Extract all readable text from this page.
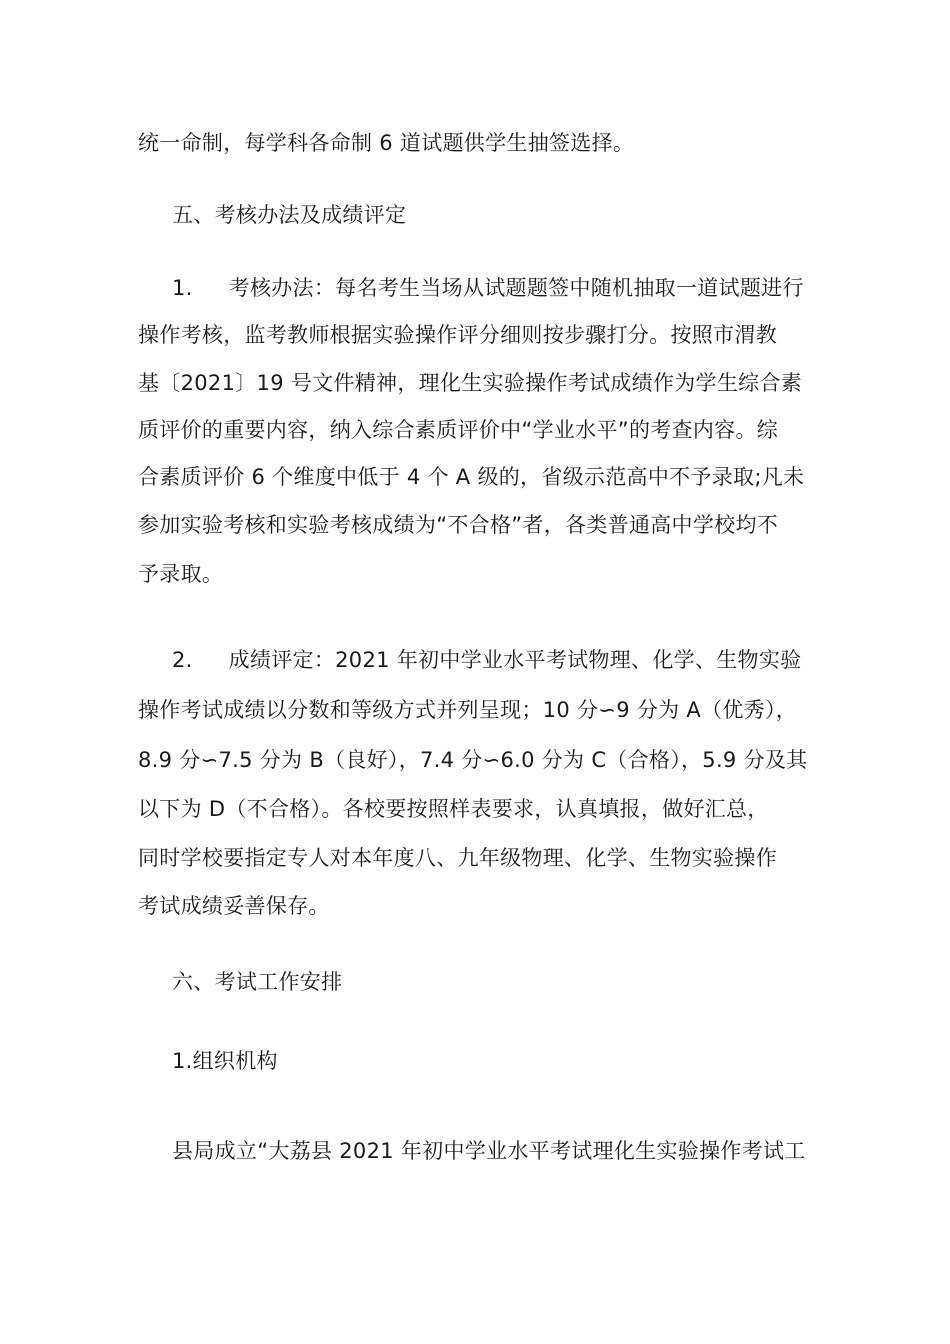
统一命制，每学科各命制 6 道试题供学生抽签选择。
五、考核办法及成绩评定
1. 考核办法：每名考生当场从试题题签中随机抽取一道试题进行
操作考核，监考教师根据实验操作评分细则按步骤打分。按照市渭教
基〔2021〕19 号文件精神，理化生实验操作考试成绩作为学生综合素
质评价的重要内容，纳入综合素质评价中“学业水平”的考查内容。综
合素质评价 6 个维度中低于 4 个 A 级的，省级示范高中不予录取;凡未
参加实验考核和实验考核成绩为“不合格”者，各类普通高中学校均不
予录取。
2. 成绩评定：2021 年初中学业水平考试物理、化学、生物实验
操作考试成绩以分数和等级方式并列呈现；10 分∽9 分为 A（优秀），
8.9 分∽7.5 分为 B（良好），7.4 分∽6.0 分为 C（合格），5.9 分及其
以下为 D（不合格）。各校要按照样表要求，认真填报，做好汇总，
同时学校要指定专人对本年度八、九年级物理、化学、生物实验操作
考试成绩妥善保存。
六、考试工作安排
1.组织机构
县局成立“大荔县 2021 年初中学业水平考试理化生实验操作考试工
